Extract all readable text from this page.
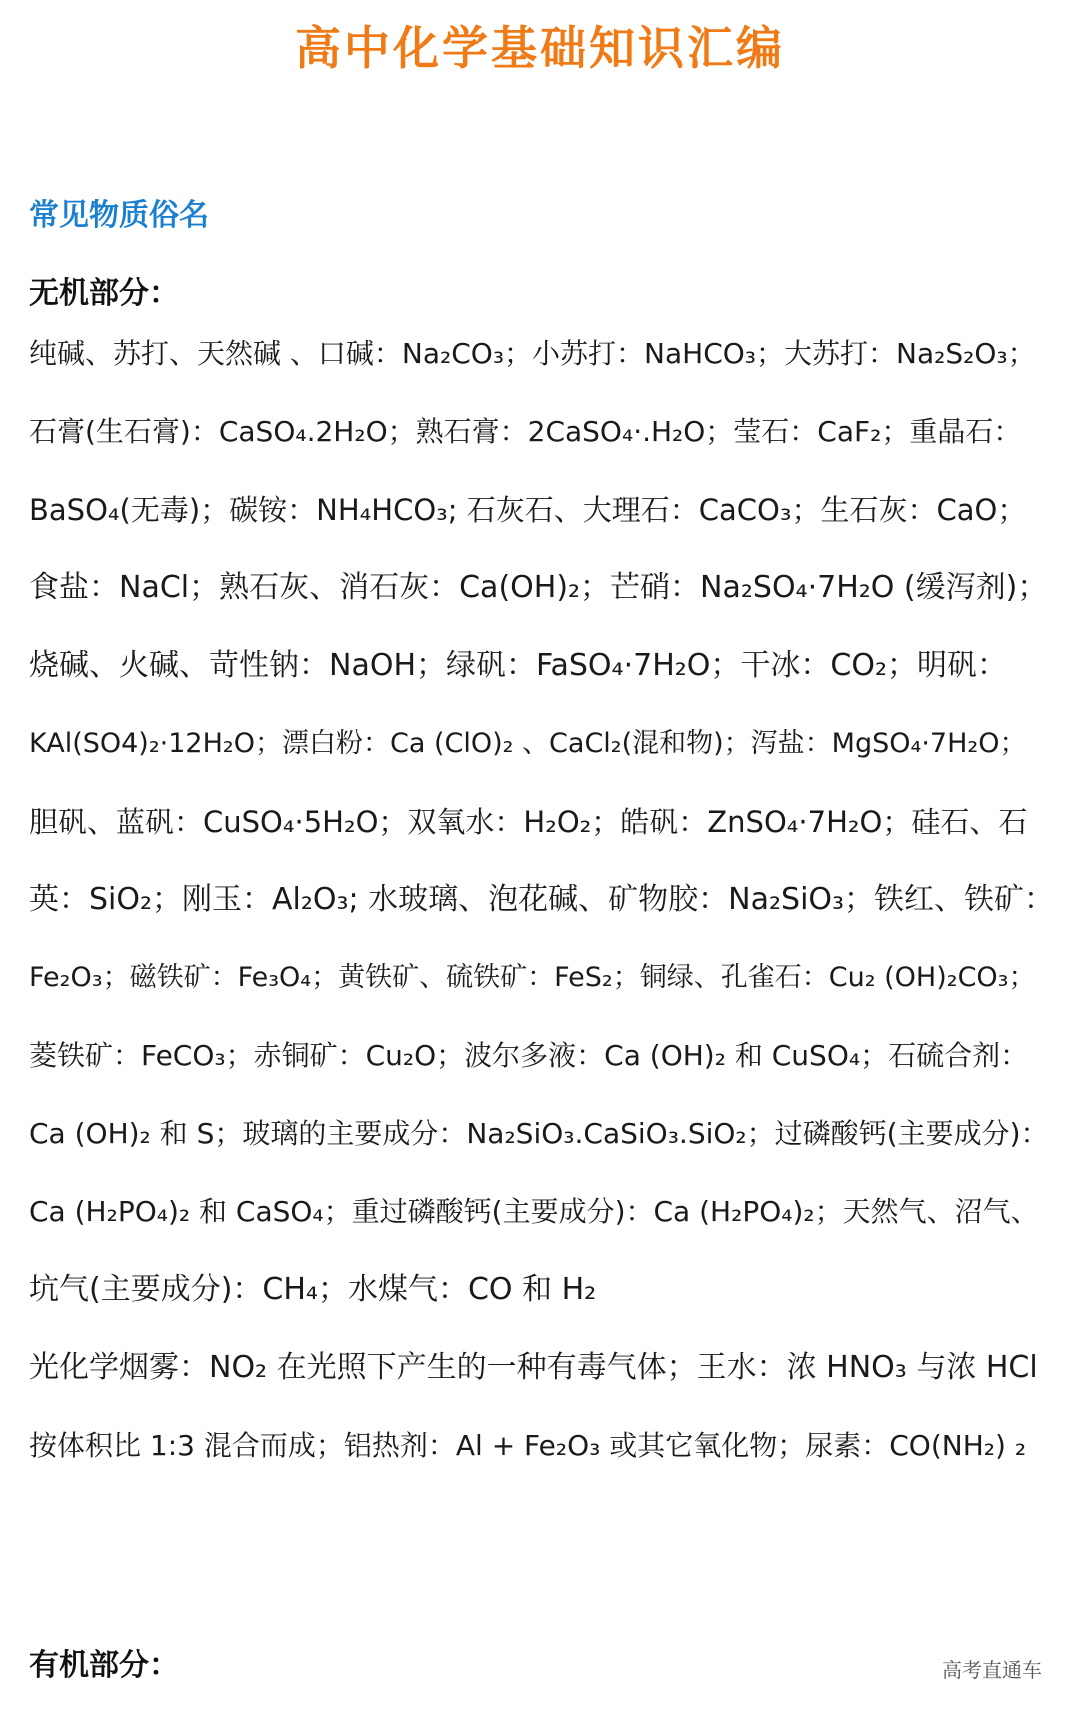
高中化学基础知识汇编
常见物质俗名
无机部分：
纯碱、苏打、天然碱 、口碱：Na₂CO₃；小苏打：NaHCO₃；大苏打：Na₂S₂O₃；
石膏(生石膏)：CaSO₄.2H₂O；熟石膏：2CaSO₄·.H₂O；莹石：CaF₂；重晶石：
BaSO₄(无毒)；碳铵：NH₄HCO₃; 石灰石、大理石：CaCO₃；生石灰：CaO；
食盐：NaCl；熟石灰、消石灰：Ca(OH)₂；芒硝：Na₂SO₄·7H₂O (缓泻剂)；
烧碱、火碱、苛性钠：NaOH；绿矾：FaSO₄·7H₂O；干冰：CO₂；明矾：
KAl(SO4)₂·12H₂O；漂白粉：Ca (ClO)₂ 、CaCl₂(混和物)；泻盐：MgSO₄·7H₂O；
胆矾、蓝矾：CuSO₄·5H₂O；双氧水：H₂O₂；皓矾：ZnSO₄·7H₂O；硅石、石
英：SiO₂；刚玉：Al₂O₃; 水玻璃、泡花碱、矿物胶：Na₂SiO₃；铁红、铁矿：
Fe₂O₃；磁铁矿：Fe₃O₄；黄铁矿、硫铁矿：FeS₂；铜绿、孔雀石：Cu₂ (OH)₂CO₃；
菱铁矿：FeCO₃；赤铜矿：Cu₂O；波尔多液：Ca (OH)₂ 和 CuSO₄；石硫合剂：
Ca (OH)₂ 和 S；玻璃的主要成分：Na₂SiO₃.CaSiO₃.SiO₂；过磷酸钙(主要成分)：
Ca (H₂PO₄)₂ 和 CaSO₄；重过磷酸钙(主要成分)：Ca (H₂PO₄)₂；天然气、沼气、
坑气(主要成分)：CH₄；水煤气：CO 和 H₂
光化学烟雾：NO₂ 在光照下产生的一种有毒气体；王水：浓 HNO₃ 与浓 HCl
按体积比 1:3 混合而成；铝热剂：Al + Fe₂O₃ 或其它氧化物；尿素：CO(NH₂) ₂
有机部分：	高考直通车
